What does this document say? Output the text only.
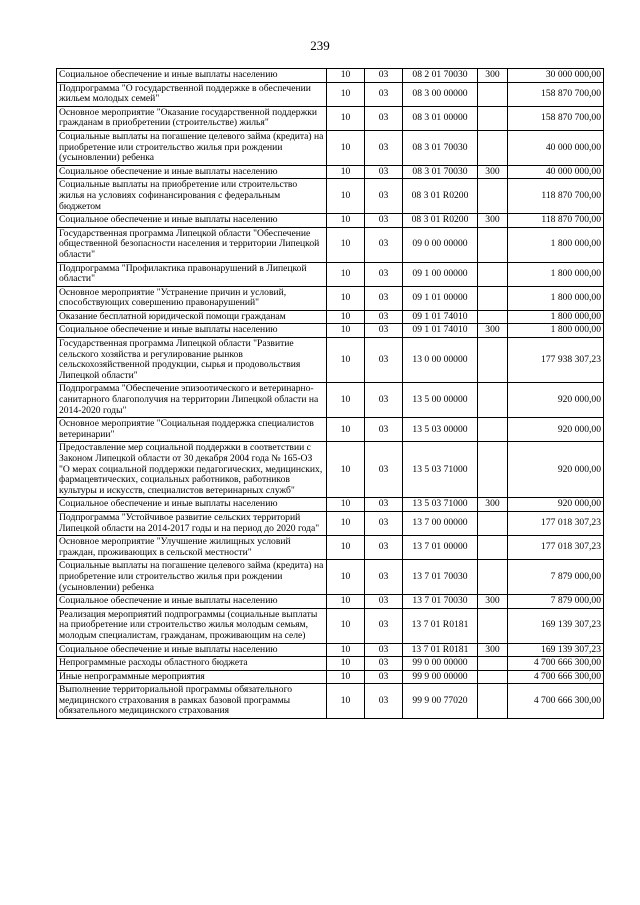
239
Социальное обеспечение и иные выплаты населению	10	03	08 2 01 70030	300	30 000 000,00
Подпрограмма "О государственной поддержке в обеспечении жильем молодых семей"	10	03	08 3 00 00000		158 870 700,00
Основное мероприятие "Оказание государственной поддержки гражданам в приобретении (строительстве) жилья"	10	03	08 3 01 00000		158 870 700,00
Социальные выплаты на погашение целевого займа (кредита) на приобретение или строительство жилья при рождении (усыновлении) ребенка	10	03	08 3 01 70030		40 000 000,00
Социальное обеспечение и иные выплаты населению	10	03	08 3 01 70030	300	40 000 000,00
Социальные выплаты на приобретение или строительство жилья на условиях софинансирования с федеральным бюджетом	10	03	08 3 01 R0200		118 870 700,00
Социальное обеспечение и иные выплаты населению	10	03	08 3 01 R0200	300	118 870 700,00
Государственная программа Липецкой области "Обеспечение общественной безопасности населения и территории Липецкой области"	10	03	09 0 00 00000		1 800 000,00
Подпрограмма "Профилактика правонарушений в Липецкой области"	10	03	09 1 00 00000		1 800 000,00
Основное мероприятие "Устранение причин и условий, способствующих совершению правонарушений"	10	03	09 1 01 00000		1 800 000,00
Оказание бесплатной юридической помощи гражданам	10	03	09 1 01 74010		1 800 000,00
Социальное обеспечение и иные выплаты населению	10	03	09 1 01 74010	300	1 800 000,00
Государственная программа Липецкой области "Развитие сельского хозяйства и регулирование рынков сельскохозяйственной продукции, сырья и продовольствия Липецкой области"	10	03	13 0 00 00000		177 938 307,23
Подпрограмма "Обеспечение эпизоотического и ветеринарно-санитарного благополучия на территории Липецкой области на 2014-2020 годы"	10	03	13 5 00 00000		920 000,00
Основное мероприятие "Социальная поддержка специалистов ветеринарии"	10	03	13 5 03 00000		920 000,00
Предоставление мер социальной поддержки в соответствии с Законом Липецкой области от 30 декабря 2004 года № 165-ОЗ "О мерах социальной поддержки педагогических, медицинских, фармацевтических, социальных работников, работников культуры и искусств, специалистов ветеринарных служб"	10	03	13 5 03 71000		920 000,00
Социальное обеспечение и иные выплаты населению	10	03	13 5 03 71000	300	920 000,00
Подпрограмма "Устойчивое развитие сельских территорий Липецкой области на 2014-2017 годы и на период до 2020 года"	10	03	13 7 00 00000		177 018 307,23
Основное мероприятие "Улучшение жилищных условий граждан, проживающих в сельской местности"	10	03	13 7 01 00000		177 018 307,23
Социальные выплаты на погашение целевого займа (кредита) на приобретение или строительство жилья при рождении (усыновлении) ребенка	10	03	13 7 01 70030		7 879 000,00
Социальное обеспечение и иные выплаты населению	10	03	13 7 01 70030	300	7 879 000,00
Реализация мероприятий подпрограммы (социальные выплаты на приобретение или строительство жилья молодым семьям, молодым специалистам, гражданам, проживающим на селе)	10	03	13 7 01 R0181		169 139 307,23
Социальное обеспечение и иные выплаты населению	10	03	13 7 01 R0181	300	169 139 307,23
Непрограммные расходы областного бюджета	10	03	99 0 00 00000		4 700 666 300,00
Иные непрограммные мероприятия	10	03	99 9 00 00000		4 700 666 300,00
Выполнение территориальной программы обязательного медицинского страхования в рамках базовой программы обязательного медицинского страхования	10	03	99 9 00 77020		4 700 666 300,00
